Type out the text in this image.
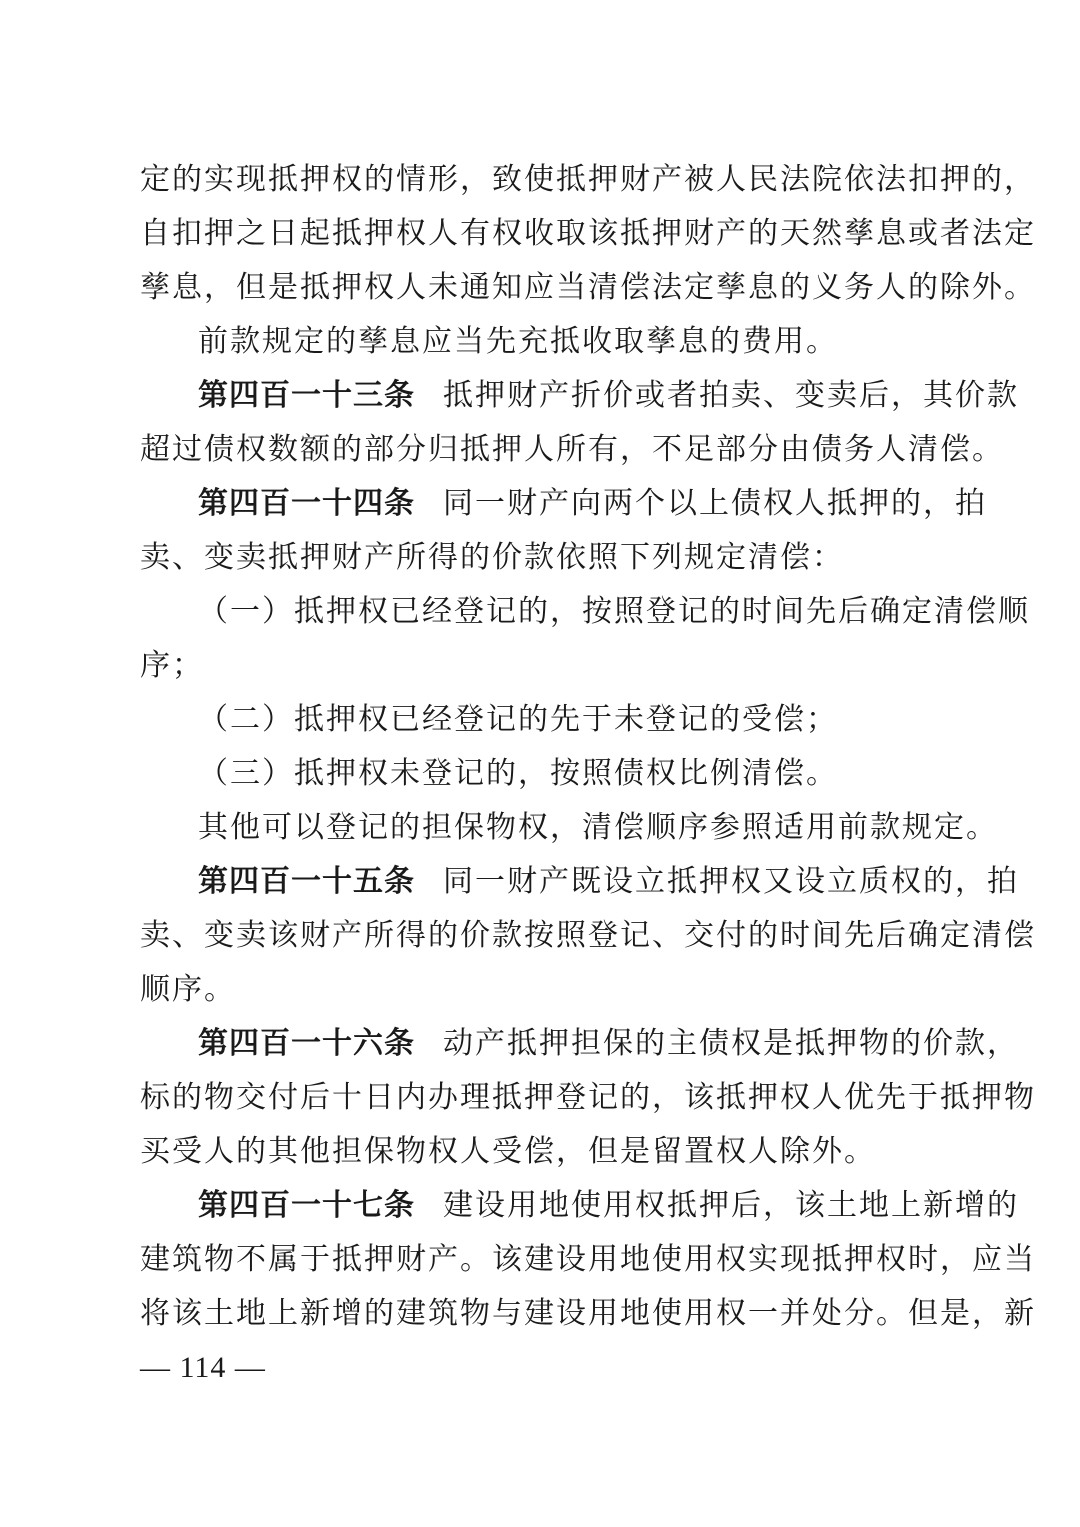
定的实现抵押权的情形，致使抵押财产被人民法院依法扣押的，
自扣押之日起抵押权人有权收取该抵押财产的天然孳息或者法定
孳息，但是抵押权人未通知应当清偿法定孳息的义务人的除外。
前款规定的孳息应当先充抵收取孳息的费用。
第四百一十三条 抵押财产折价或者拍卖、变卖后，其价款
超过债权数额的部分归抵押人所有，不足部分由债务人清偿。
第四百一十四条 同一财产向两个以上债权人抵押的，拍
卖、变卖抵押财产所得的价款依照下列规定清偿：
（一）抵押权已经登记的，按照登记的时间先后确定清偿顺
序；
（二）抵押权已经登记的先于未登记的受偿；
（三）抵押权未登记的，按照债权比例清偿。
其他可以登记的担保物权，清偿顺序参照适用前款规定。
第四百一十五条 同一财产既设立抵押权又设立质权的，拍
卖、变卖该财产所得的价款按照登记、交付的时间先后确定清偿
顺序。
第四百一十六条 动产抵押担保的主债权是抵押物的价款，
标的物交付后十日内办理抵押登记的，该抵押权人优先于抵押物
买受人的其他担保物权人受偿，但是留置权人除外。
第四百一十七条 建设用地使用权抵押后，该土地上新增的
建筑物不属于抵押财产。该建设用地使用权实现抵押权时，应当
将该土地上新增的建筑物与建设用地使用权一并处分。但是，新
— 114 —
